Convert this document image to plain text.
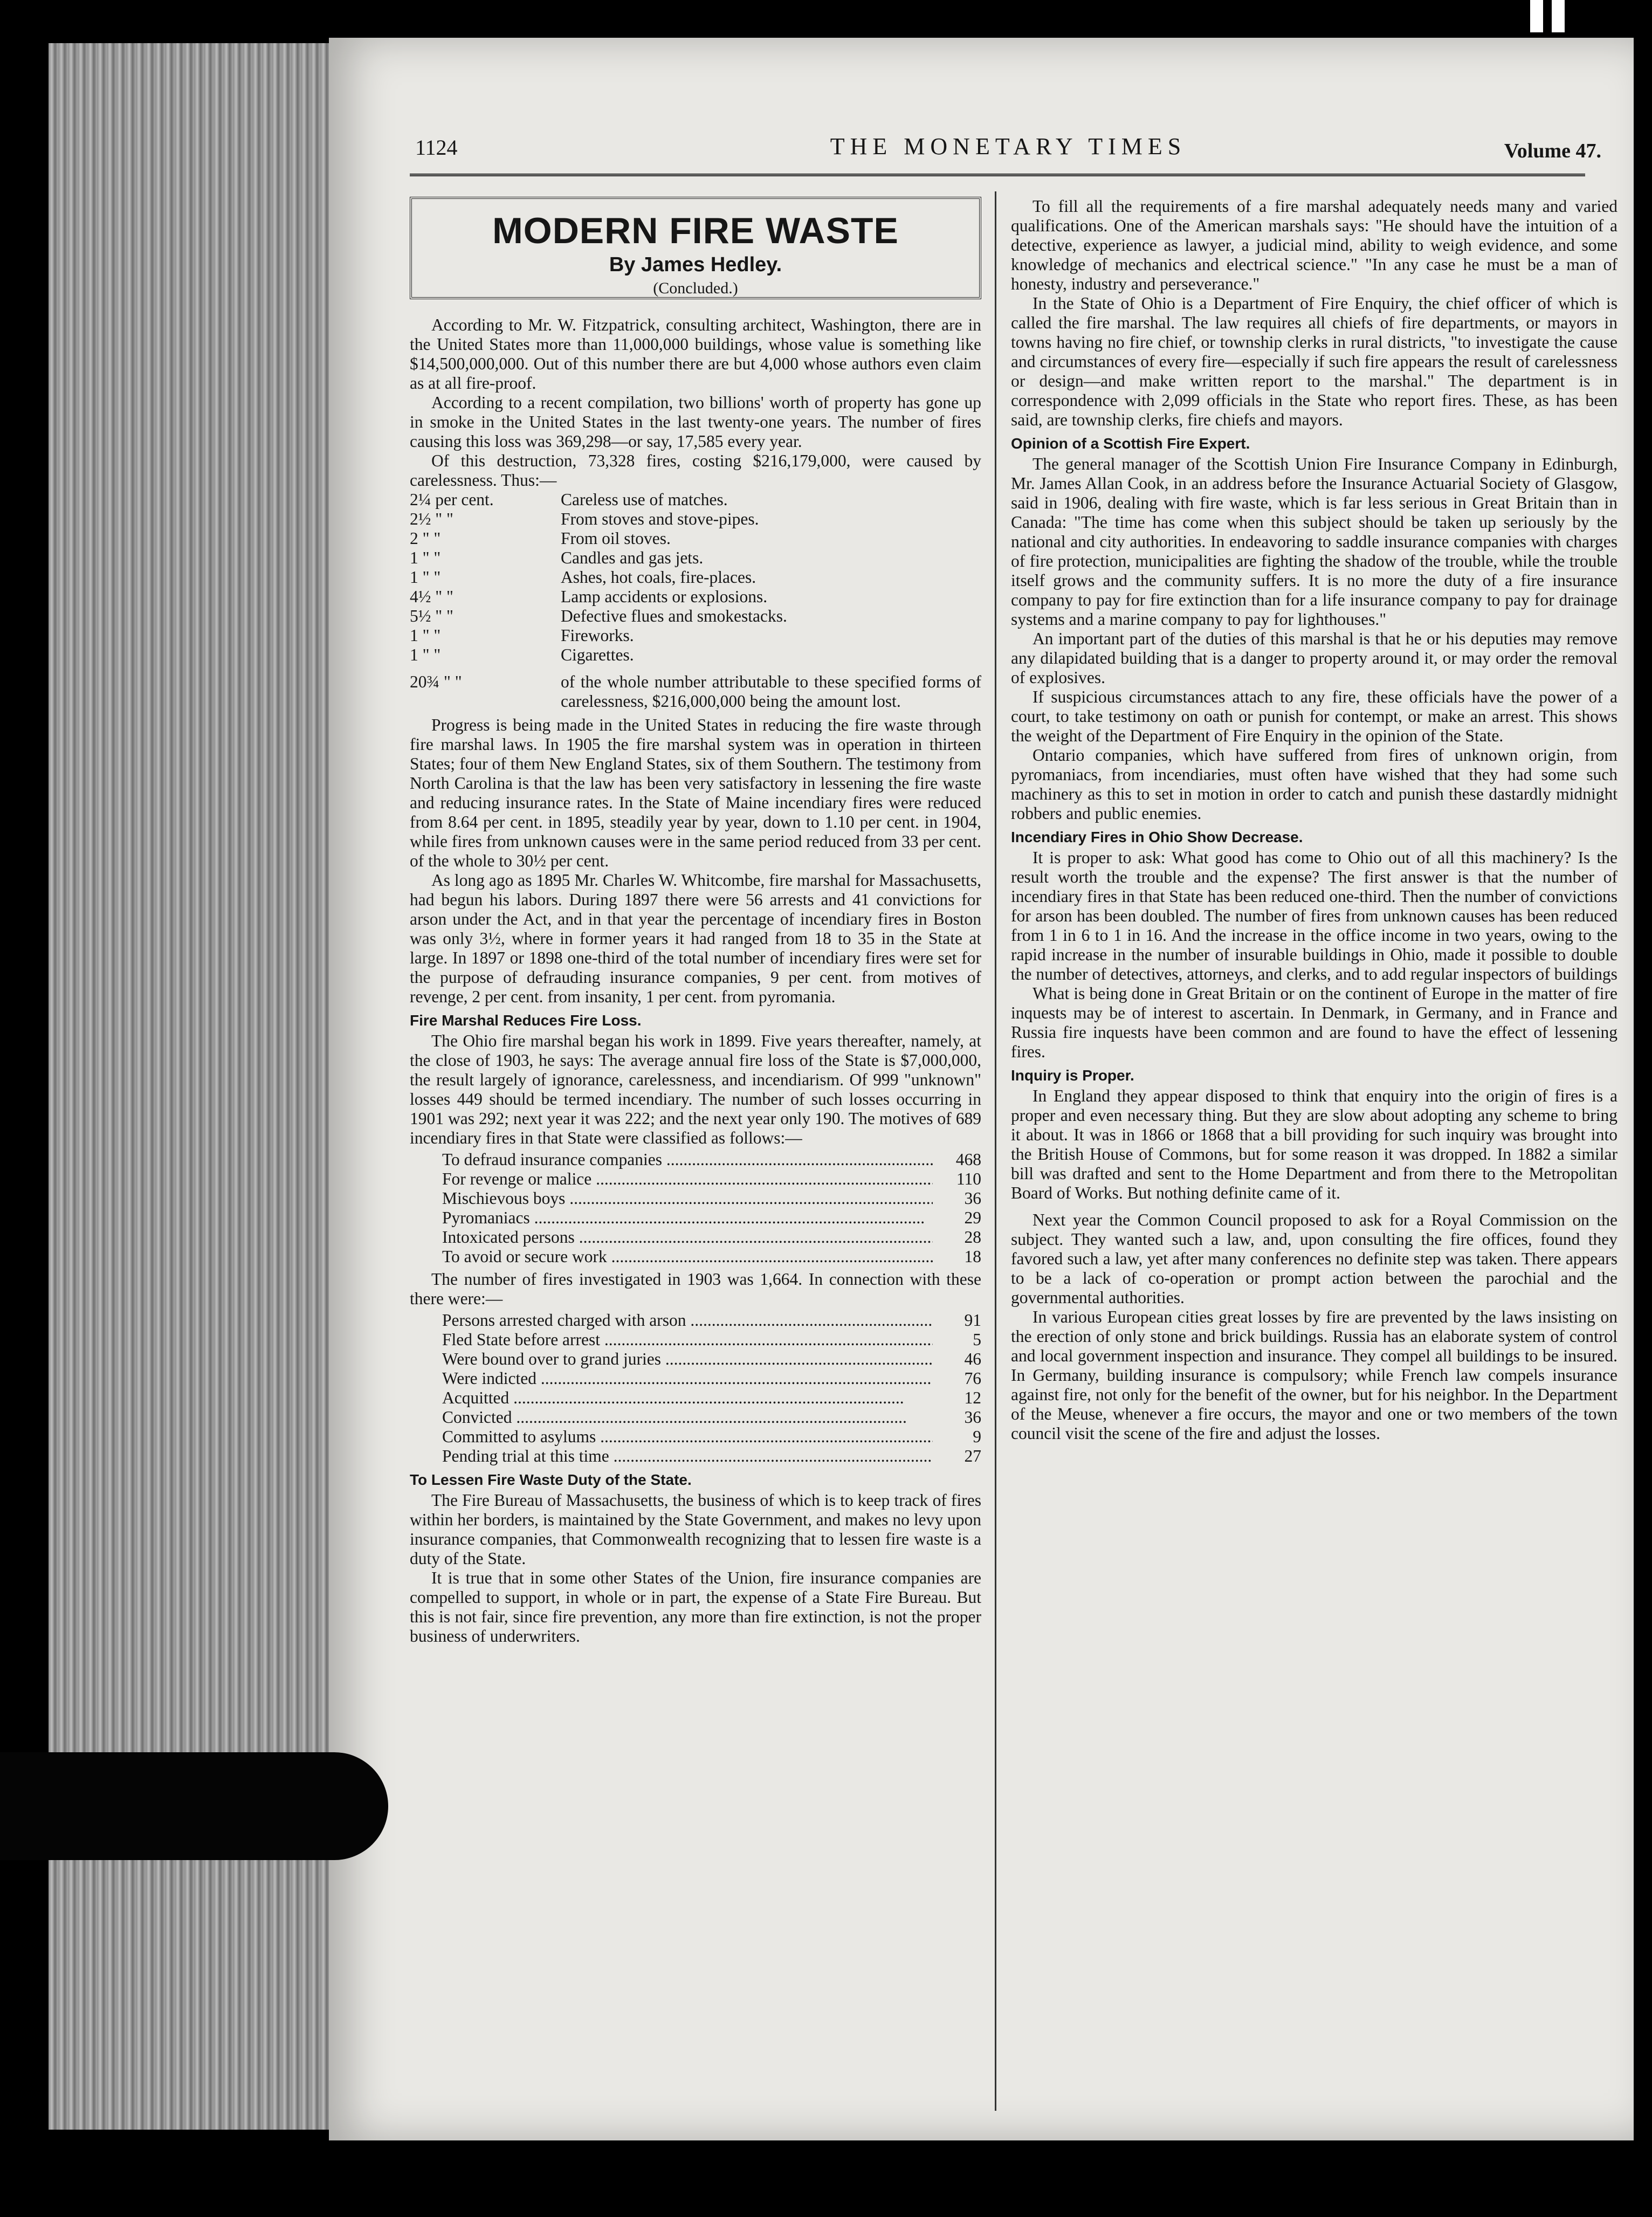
1124	THE MONETARY TIMES	Volume 47.
MODERN FIRE WASTE
By James Hedley.
(Concluded.)

According to Mr. W. Fitzpatrick, consulting architect, Washington, there are in the United States more than 11,000,000 buildings, whose value is something like $14,500,000,000. Out of this number there are but 4,000 whose authors even claim as at all fire-proof.

According to a recent compilation, two billions' worth of property has gone up in smoke in the United States in the last twenty-one years. The number of fires causing this loss was 369,298—or say, 17,585 every year.

Of this destruction, 73,328 fires, costing $216,179,000, were caused by carelessness. Thus:—

2¼ per cent.	Careless use of matches.
2½ " "	From stoves and stove-pipes.
2 " "	From oil stoves.
1 " "	Candles and gas jets.
1 " "	Ashes, hot coals, fire-places.
4½ " "	Lamp accidents or explosions.
5½ " "	Defective flues and smokestacks.
1 " "	Fireworks.
1 " "	Cigarettes.
20¾ " "	of the whole number attributable to these specified forms of carelessness, $216,000,000 being the amount lost.

Progress is being made in the United States in reducing the fire waste through fire marshal laws. In 1905 the fire marshal system was in operation in thirteen States; four of them New England States, six of them Southern. The testimony from North Carolina is that the law has been very satisfactory in lessening the fire waste and reducing insurance rates. In the State of Maine incendiary fires were reduced from 8.64 per cent. in 1895, steadily year by year, down to 1.10 per cent. in 1904, while fires from unknown causes were in the same period reduced from 33 per cent. of the whole to 30½ per cent.

As long ago as 1895 Mr. Charles W. Whitcombe, fire marshal for Massachusetts, had begun his labors. During 1897 there were 56 arrests and 41 convictions for arson under the Act, and in that year the percentage of incendiary fires in Boston was only 3½, where in former years it had ranged from 18 to 35 in the State at large. In 1897 or 1898 one-third of the total number of incendiary fires were set for the purpose of defrauding insurance companies, 9 per cent. from motives of revenge, 2 per cent. from insanity, 1 per cent. from pyromania.

Fire Marshal Reduces Fire Loss.

The Ohio fire marshal began his work in 1899. Five years thereafter, namely, at the close of 1903, he says: The average annual fire loss of the State is $7,000,000, the result largely of ignorance, carelessness, and incendiarism. Of 999 "unknown" losses 449 should be termed incendiary. The number of such losses occurring in 1901 was 292; next year it was 222; and the next year only 190. The motives of 689 incendiary fires in that State were classified as follows:—

To defraud insurance companies .....	468
For revenge or malice .....	110
Mischievous boys .....	36
Pyromaniacs .....	29
Intoxicated persons .....	28
To avoid or secure work .....	18

The number of fires investigated in 1903 was 1,664. In connection with these there were:—

Persons arrested charged with arson .....	91
Fled State before arrest .....	5
Were bound over to grand juries .....	46
Were indicted .....	76
Acquitted .....	12
Convicted .....	36
Committed to asylums .....	9
Pending trial at this time .....	27
To Lessen Fire Waste Duty of the State.

The Fire Bureau of Massachusetts, the business of which is to keep track of fires within her borders, is maintained by the State Government, and makes no levy upon insurance companies, that Commonwealth recognizing that to lessen fire waste is a duty of the State.

It is true that in some other States of the Union, fire insurance companies are compelled to support, in whole or in part, the expense of a State Fire Bureau. But this is not fair, since fire prevention, any more than fire extinction, is not the proper business of underwriters.

To fill all the requirements of a fire marshal adequately needs many and varied qualifications. One of the American marshals says: "He should have the intuition of a detective, experience as lawyer, a judicial mind, ability to weigh evidence, and some knowledge of mechanics and electrical science." "In any case he must be a man of honesty, industry and perseverance."

In the State of Ohio is a Department of Fire Enquiry, the chief officer of which is called the fire marshal. The law requires all chiefs of fire departments, or mayors in towns having no fire chief, or township clerks in rural districts, "to investigate the cause and circumstances of every fire—especially if such fire appears the result of carelessness or design—and make written report to the marshal." The department is in correspondence with 2,099 officials in the State who report fires. These, as has been said, are township clerks, fire chiefs and mayors.

Opinion of a Scottish Fire Expert.

The general manager of the Scottish Union Fire Insurance Company in Edinburgh, Mr. James Allan Cook, in an address before the Insurance Actuarial Society of Glasgow, said in 1906, dealing with fire waste, which is far less serious in Great Britain than in Canada: "The time has come when this subject should be taken up seriously by the national and city authorities. In endeavoring to saddle insurance companies with charges of fire protection, municipalities are fighting the shadow of the trouble, while the trouble itself grows and the community suffers. It is no more the duty of a fire insurance company to pay for fire extinction than for a life insurance company to pay for drainage systems and a marine company to pay for lighthouses."

An important part of the duties of this marshal is that he or his deputies may remove any dilapidated building that is a danger to property around it, or may order the removal of explosives.

If suspicious circumstances attach to any fire, these officials have the power of a court, to take testimony on oath or punish for contempt, or make an arrest. This shows the weight of the Department of Fire Enquiry in the opinion of the State.

Ontario companies, which have suffered from fires of unknown origin, from pyromaniacs, from incendiaries, must often have wished that they had some such machinery as this to set in motion in order to catch and punish these dastardly midnight robbers and public enemies.

Incendiary Fires in Ohio Show Decrease.

It is proper to ask: What good has come to Ohio out of all this machinery? Is the result worth the trouble and the expense? The first answer is that the number of incendiary fires in that State has been reduced one-third. Then the number of convictions for arson has been doubled. The number of fires from unknown causes has been reduced from 1 in 6 to 1 in 16. And the increase in the office income in two years, owing to the rapid increase in the number of insurable buildings in Ohio, made it possible to double the number of detectives, attorneys, and clerks, and to add regular inspectors of buildings

What is being done in Great Britain or on the continent of Europe in the matter of fire inquests may be of interest to ascertain. In Denmark, in Germany, and in France and Russia fire inquests have been common and are found to have the effect of lessening fires.

Inquiry is Proper.

In England they appear disposed to think that enquiry into the origin of fires is a proper and even necessary thing. But they are slow about adopting any scheme to bring it about. It was in 1866 or 1868 that a bill providing for such inquiry was brought into the British House of Commons, but for some reason it was dropped. In 1882 a similar bill was drafted and sent to the Home Department and from there to the Metropolitan Board of Works. But nothing definite came of it.

Next year the Common Council proposed to ask for a Royal Commission on the subject. They wanted such a law, and, upon consulting the fire offices, found they favored such a law, yet after many conferences no definite step was taken. There appears to be a lack of co-operation or prompt action between the parochial and the governmental authorities.

In various European cities great losses by fire are prevented by the laws insisting on the erection of only stone and brick buildings. Russia has an elaborate system of control and local government inspection and insurance. They compel all buildings to be insured. In Germany, building insurance is compulsory; while French law compels insurance against fire, not only for the benefit of the owner, but for his neighbor. In the Department of the Meuse, whenever a fire occurs, the mayor and one or two members of the town council visit the scene of the fire and adjust the losses.
